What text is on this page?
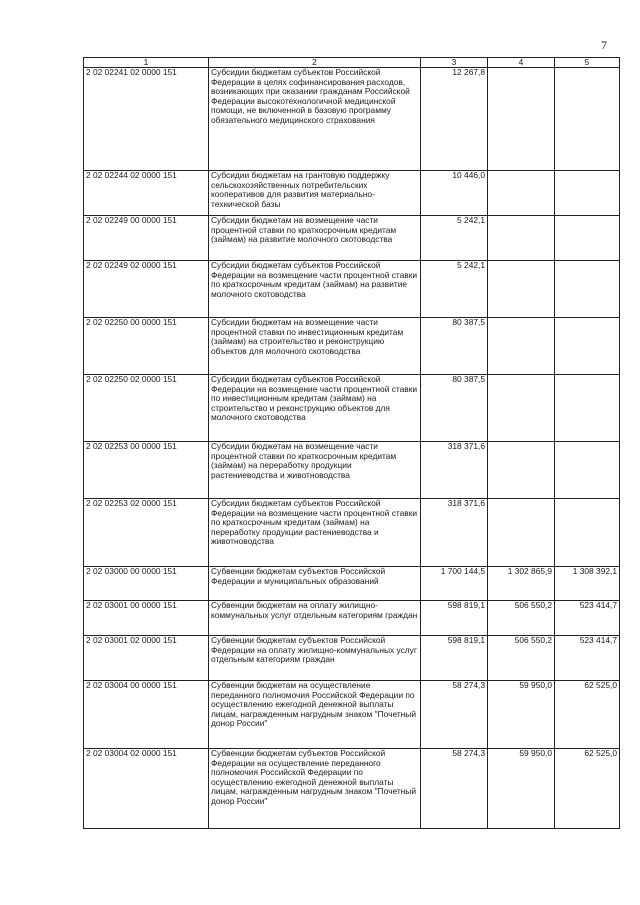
7
1	2	3	4	5
2 02 02241 02 0000 151	Субсидии бюджетам субъектов Российской Федерации в целях софинансирования расходов, возникающих при оказании гражданам Российской Федерации высокотехнологичной медицинской помощи, не включенной в базовую программу обязательного медицинского страхования	12 267,8		
2 02 02244 02 0000 151	Субсидии бюджетам на грантовую поддержку сельскохозяйственных потребительских кооперативов для развития материально-технической базы	10 446,0		
2 02 02249 00 0000 151	Субсидии бюджетам на возмещение части процентной ставки по краткосрочным кредитам (займам) на развитие молочного скотоводства	5 242,1		
2 02 02249 02 0000 151	Субсидии бюджетам субъектов Российской Федерации на возмещение части процентной ставки по краткосрочным кредитам (займам) на развитие молочного скотоводства	5 242,1		
2 02 02250 00 0000 151	Субсидии бюджетам на возмещение части процентной ставки по инвестиционным кредитам (займам) на строительство и реконструкцию объектов для молочного скотоводства	80 387,5		
2 02 02250 02 0000 151	Субсидии бюджетам субъектов Российской Федерации на возмещение части процентной ставки по инвестиционным кредитам (займам) на строительство и реконструкцию объектов для молочного скотоводства	80 387,5		
2 02 02253 00 0000 151	Субсидии бюджетам на возмещение части процентной ставки по краткосрочным кредитам (займам) на переработку продукции растениеводства и животноводства	318 371,6		
2 02 02253 02 0000 151	Субсидии бюджетам субъектов Российской Федерации на возмещение части процентной ставки по краткосрочным кредитам (займам) на переработку продукции растениеводства и животноводства	318 371,6		
2 02 03000 00 0000 151	Субвенции бюджетам субъектов Российской Федерации и муниципальных образований	1 700 144,5	1 302 865,9	1 308 392,1
2 02 03001 00 0000 151	Субвенции бюджетам на оплату жилищно-коммунальных услуг отдельным категориям граждан	598 819,1	506 550,2	523 414,7
2 02 03001 02 0000 151	Субвенции бюджетам субъектов Российской Федерации на оплату жилищно-коммунальных услуг отдельным категориям граждан	598 819,1	506 550,2	523 414,7
2 02 03004 00 0000 151	Субвенции бюджетам на осуществление переданного полномочия Российской Федерации по осуществлению ежегодной денежной выплаты лицам, награжденным нагрудным знаком "Почетный донор России"	58 274,3	59 950,0	62 525,0
2 02 03004 02 0000 151	Субвенции бюджетам субъектов Российской Федерации на осуществление переданного полномочия Российской Федерации по осуществлению ежегодной денежной выплаты лицам, награжденным нагрудным знаком "Почетный донор России"	58 274,3	59 950,0	62 525,0
